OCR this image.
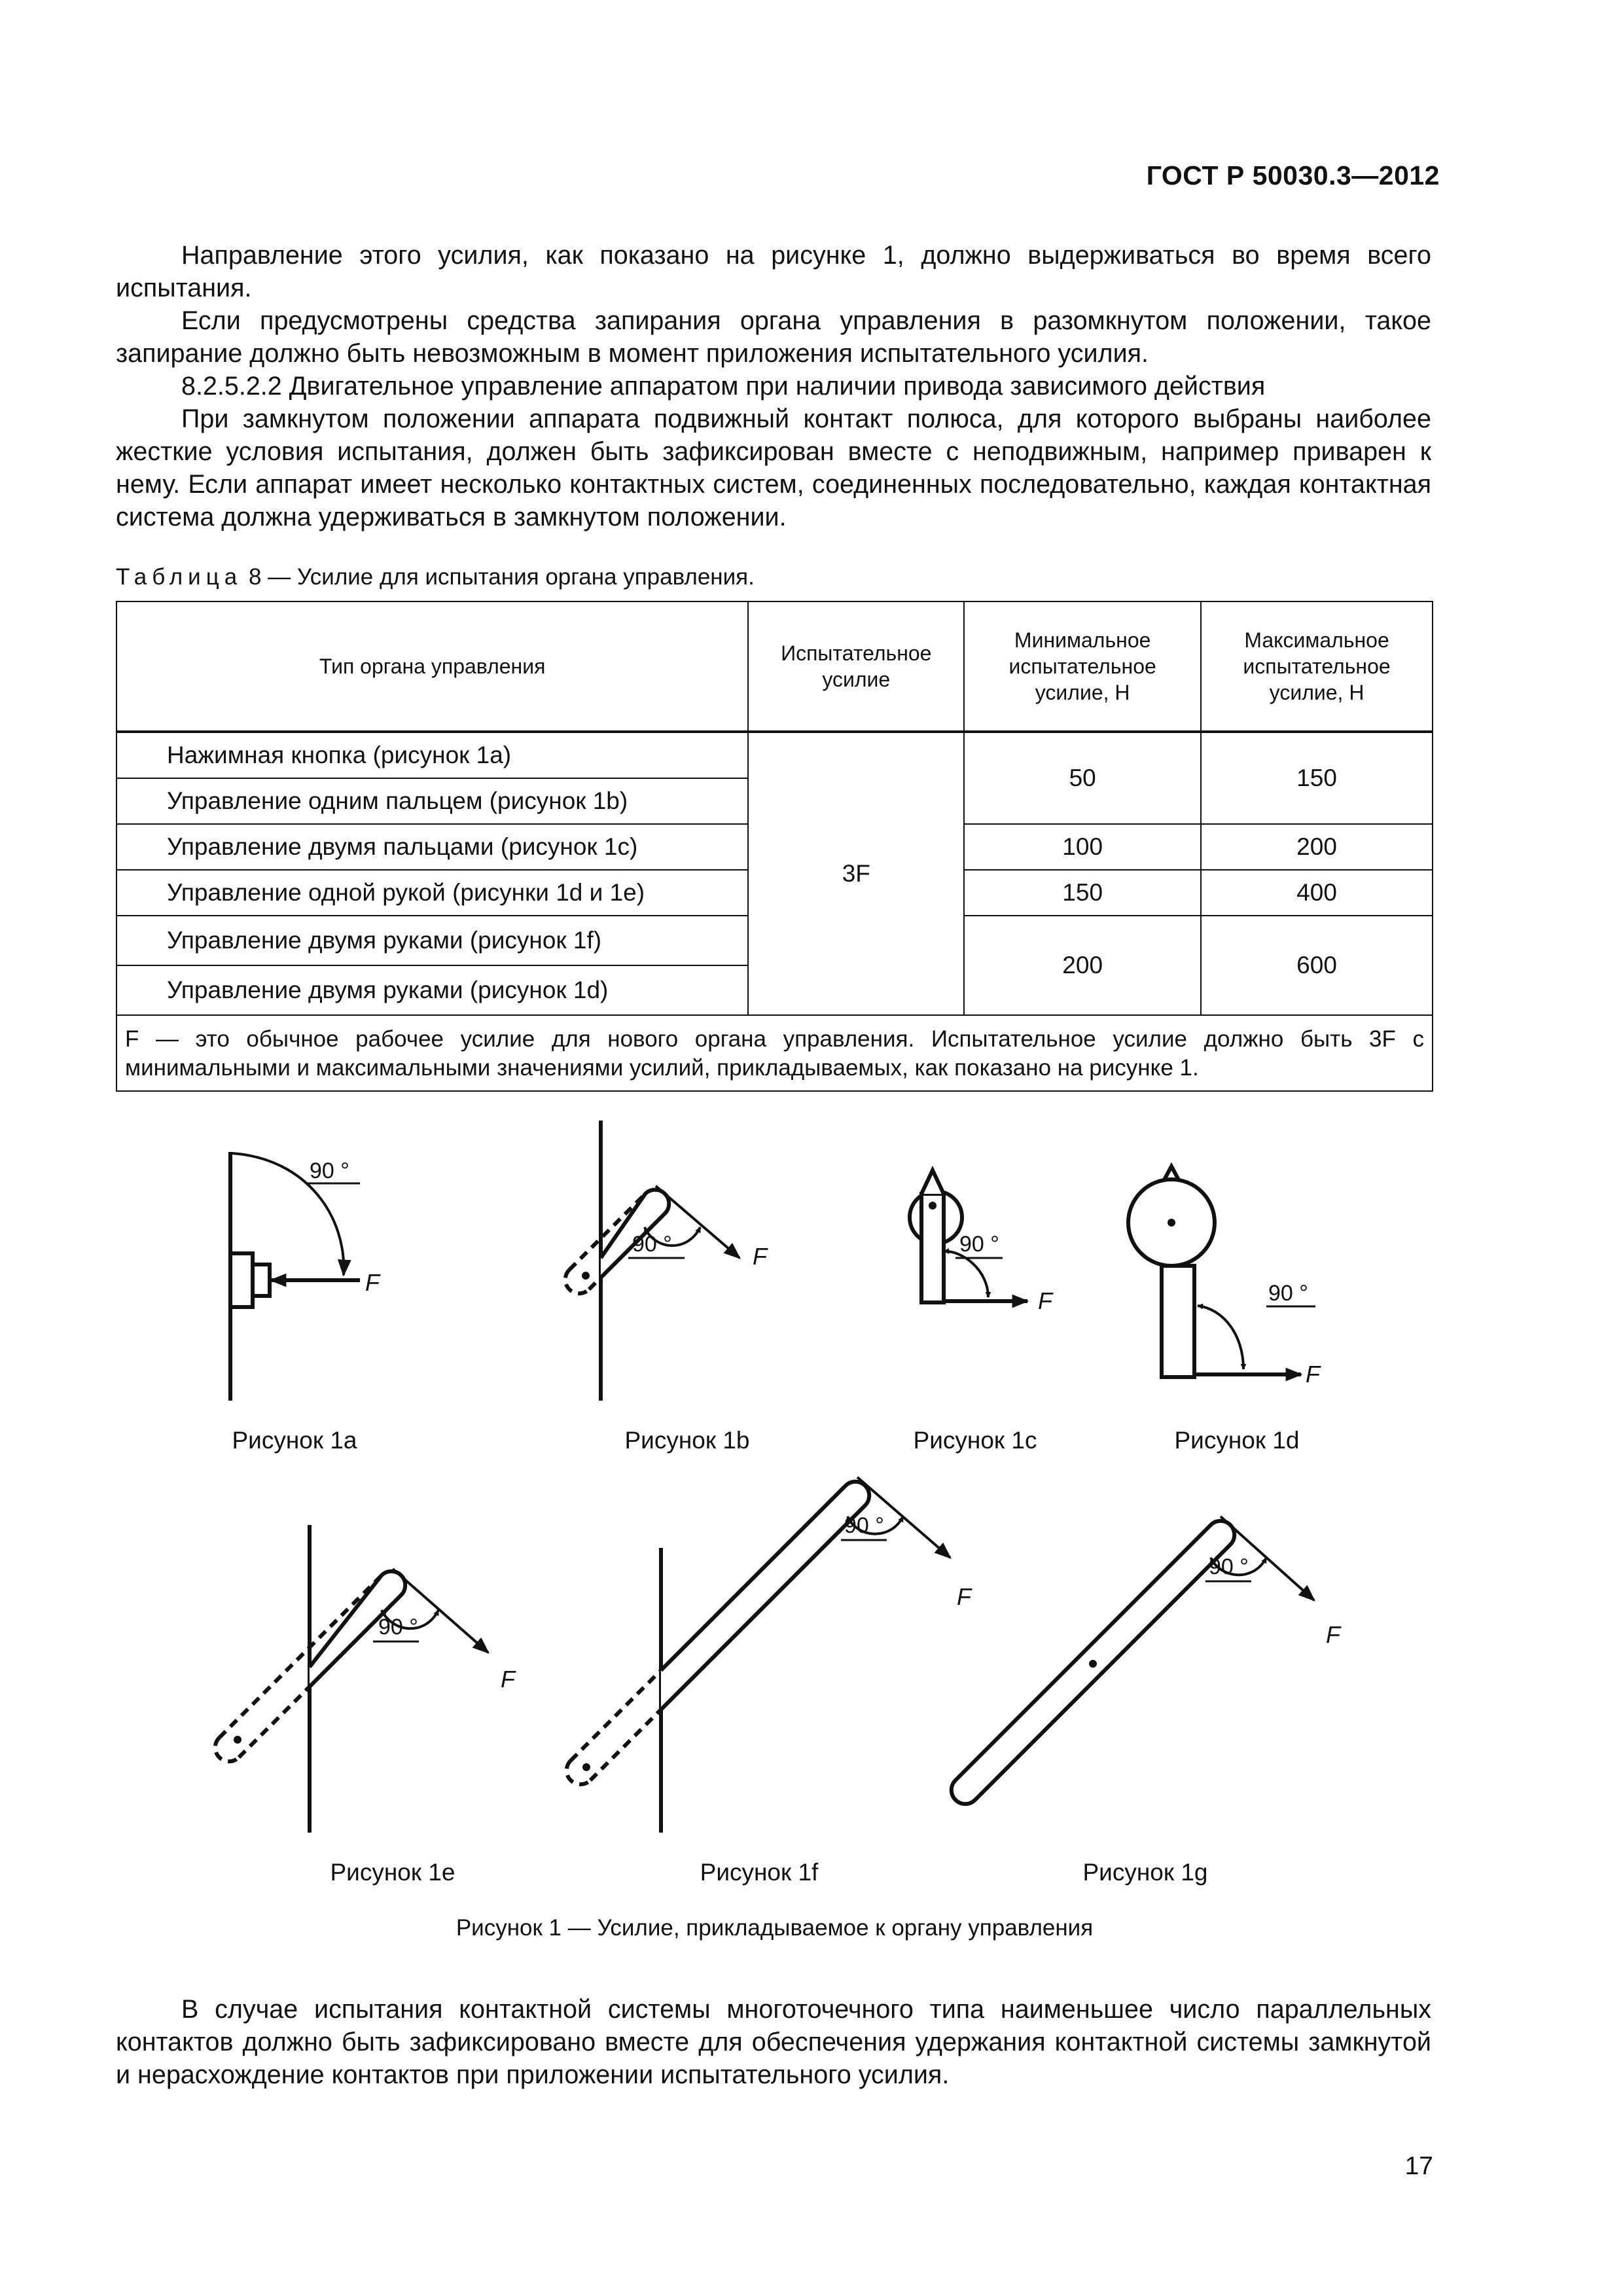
ГОСТ Р 50030.3—2012

Направление этого усилия, как показано на рисунке 1, должно выдерживаться во время всего испытания.

Если предусмотрены средства запирания органа управления в разомкнутом положении, такое запирание должно быть невозможным в момент приложения испытательного усилия.

8.2.5.2.2 Двигательное управление аппаратом при наличии привода зависимого действия

При замкнутом положении аппарата подвижный контакт полюса, для которого выбраны наиболее жесткие условия испытания, должен быть зафиксирован вместе с неподвижным, например приварен к нему. Если аппарат имеет несколько контактных систем, соединенных последовательно, каждая контактная система должна удерживаться в замкнутом положении.

Таблица 8 — Усилие для испытания органа управления.
Тип органа управления	Испытательное усилие	Минимальное испытательное усилие, Н	Максимальное испытательное усилие, Н
Нажимная кнопка (рисунок 1а)	3F	50	150
Управление одним пальцем (рисунок 1b)			
Управление двумя пальцами (рисунок 1с)		100	200
Управление одной рукой (рисунки 1d и 1e)		150	400
Управление двумя руками (рисунок 1f)		200	600
Управление двумя руками (рисунок 1d)			
F — это обычное рабочее усилие для нового органа управления. Испытательное усилие должно быть 3F с минимальными и максимальными значениями усилий, прикладываемых, как показано на рисунке 1.			
90 °
F
90 °	F	90 °
F	90 °
F
90 °
F
90 °
F
90 °
F
Рисунок 1а	Рисунок 1b	Рисунок 1с	Рисунок 1d
Рисунок 1е	Рисунок 1f	Рисунок 1g
Рисунок 1 — Усилие, прикладываемое к органу управления

В случае испытания контактной системы многоточечного типа наименьшее число параллельных контактов должно быть зафиксировано вместе для обеспечения удержания контактной системы замкнутой и нерасхождение контактов при приложении испытательного усилия.

17
